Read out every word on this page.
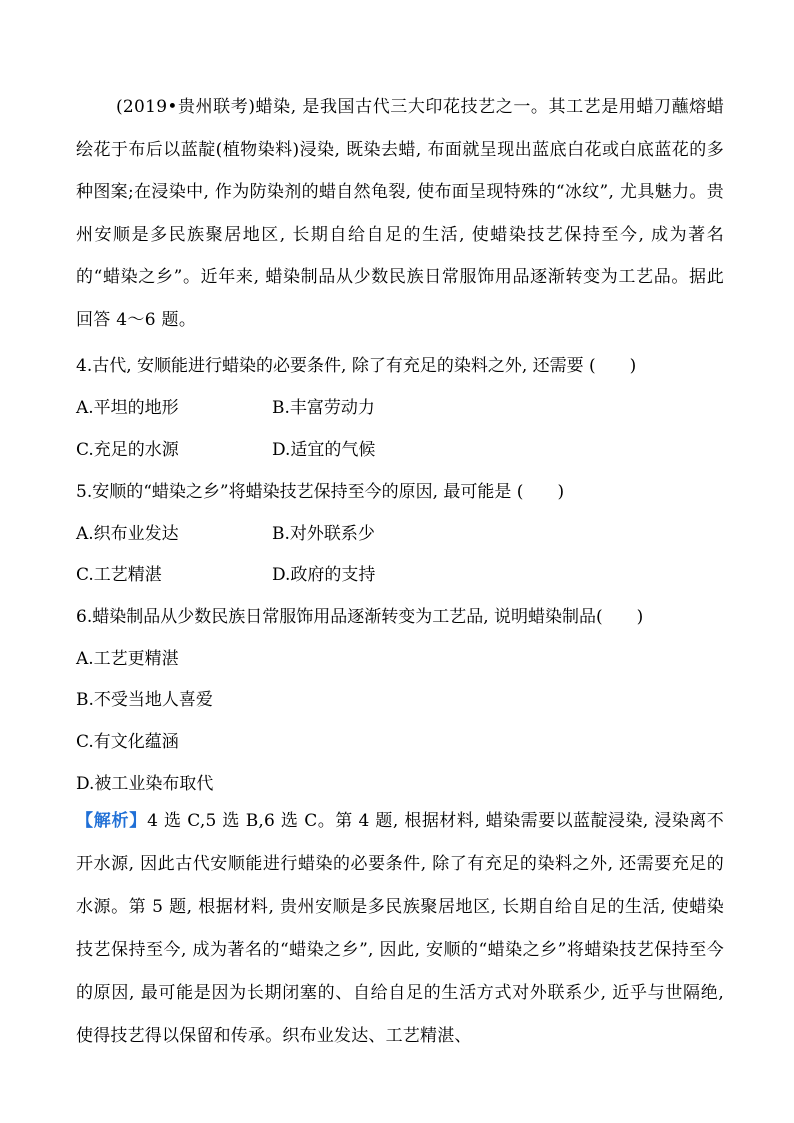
(2019•贵州联考)蜡染, 是我国古代三大印花技艺之一。其工艺是用蜡刀蘸熔蜡绘花于布后以蓝靛(植物染料)浸染, 既染去蜡, 布面就呈现出蓝底白花或白底蓝花的多种图案;在浸染中, 作为防染剂的蜡自然龟裂, 使布面呈现特殊的“冰纹”, 尤具魅力。贵州安顺是多民族聚居地区, 长期自给自足的生活, 使蜡染技艺保持至今, 成为著名的“蜡染之乡”。近年来, 蜡染制品从少数民族日常服饰用品逐渐转变为工艺品。据此回答 4～6 题。

4.古代, 安顺能进行蜡染的必要条件, 除了有充足的染料之外, 还需要 (　　)

A.平坦的地形	B.丰富劳动力
C.充足的水源	D.适宜的气候

5.安顺的“蜡染之乡”将蜡染技艺保持至今的原因, 最可能是 (　　)

A.织布业发达	B.对外联系少
C.工艺精湛	D.政府的支持

6.蜡染制品从少数民族日常服饰用品逐渐转变为工艺品, 说明蜡染制品(　　)

A.工艺更精湛
B.不受当地人喜爱
C.有文化蕴涵
D.被工业染布取代

【解析】4 选 C,5 选 B,6 选 C。第 4 题, 根据材料, 蜡染需要以蓝靛浸染, 浸染离不开水源, 因此古代安顺能进行蜡染的必要条件, 除了有充足的染料之外, 还需要充足的水源。第 5 题, 根据材料, 贵州安顺是多民族聚居地区, 长期自给自足的生活, 使蜡染技艺保持至今, 成为著名的“蜡染之乡”, 因此, 安顺的“蜡染之乡”将蜡染技艺保持至今的原因, 最可能是因为长期闭塞的、自给自足的生活方式对外联系少, 近乎与世隔绝, 使得技艺得以保留和传承。织布业发达、工艺精湛、
